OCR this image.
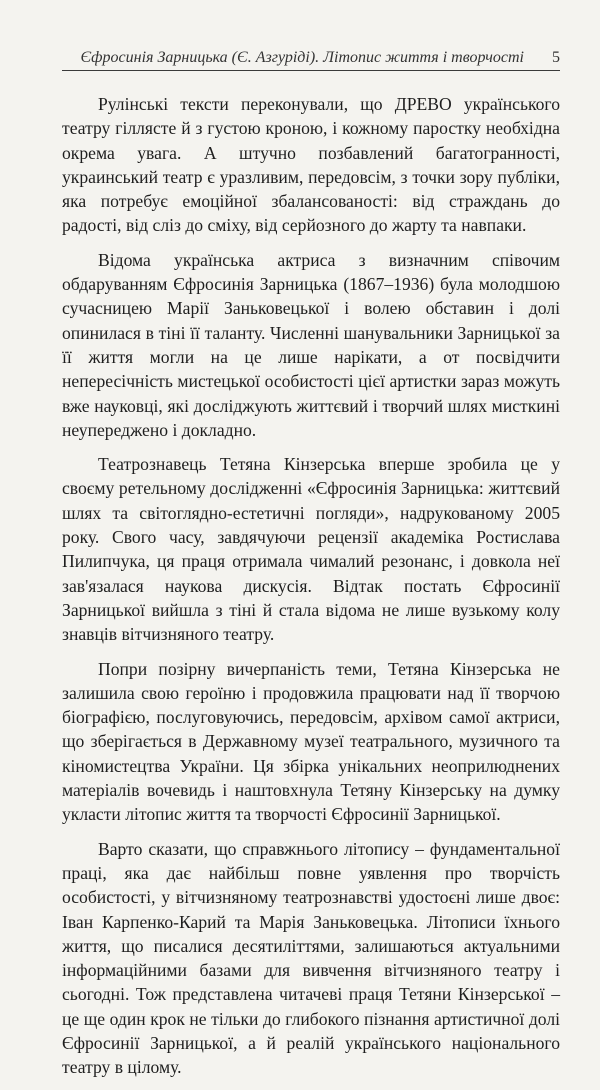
Єфросинія Зарницька (Є. Азгуріді). Літопис життя і творчості	5

Рулінські тексти переконували, що ДРЕВО українського театру гіллясте й з густою кроною, і кожному паростку необхідна окрема увага. А штучно позбавлений багатогранності, украинський театр є уразливим, передовсім, з точки зору публіки, яка потребує емоційної збалансованості: від страждань до радості, від сліз до сміху, від серйозного до жарту та навпаки.

Відома українська актриса з визначним співочим обдаруванням Єфросинія Зарницька (1867–1936) була молодшою сучасницею Марії Заньковецької і волею обставин і долі опинилася в тіні її таланту. Численні шанувальники Зарницької за її життя могли на це лише нарікати, а от посвідчити непересічність мистецької особистості цієї артистки зараз можуть вже науковці, які досліджують життєвий і творчий шлях мисткині неупереджено і докладно.

Театрознавець Тетяна Кінзерська вперше зробила це у своєму ретельному дослідженні «Єфросинія Зарницька: життєвий шлях та світоглядно-естетичні погляди», надрукованому 2005 року. Свого часу, завдячуючи рецензії академіка Ростислава Пилипчука, ця праця отримала чималий резонанс, і довкола неї зав'язалася наукова дискусія. Відтак постать Єфросинії Зарницької вийшла з тіні й стала відома не лише вузькому колу знавців вітчизняного театру.

Попри позірну вичерпаність теми, Тетяна Кінзерська не залишила свою героїню і продовжила працювати над її творчою біографією, послуговуючись, передовсім, архівом самої актриси, що зберігається в Державному музеї театрального, музичного та кіномистецтва України. Ця збірка унікальних неоприлюднених матеріалів вочевидь і наштовхнула Тетяну Кінзерську на думку укласти літопис життя та творчості Єфросинії Зарницької.

Варто сказати, що справжнього літопису – фундаментальної праці, яка дає найбільш повне уявлення про творчість особистості, у вітчизняному театрознавстві удостоєні лише двоє: Іван Карпенко-Карий та Марія Заньковецька. Літописи їхнього життя, що писалися десятиліттями, залишаються актуальними інформаційними базами для вивчення вітчизняного театру і сьогодні. Тож представлена читачеві праця Тетяни Кінзерської – це ще один крок не тільки до глибокого пізнання артистичної долі Єфросинії Зарницької, а й реалій українського національного театру в цілому.
